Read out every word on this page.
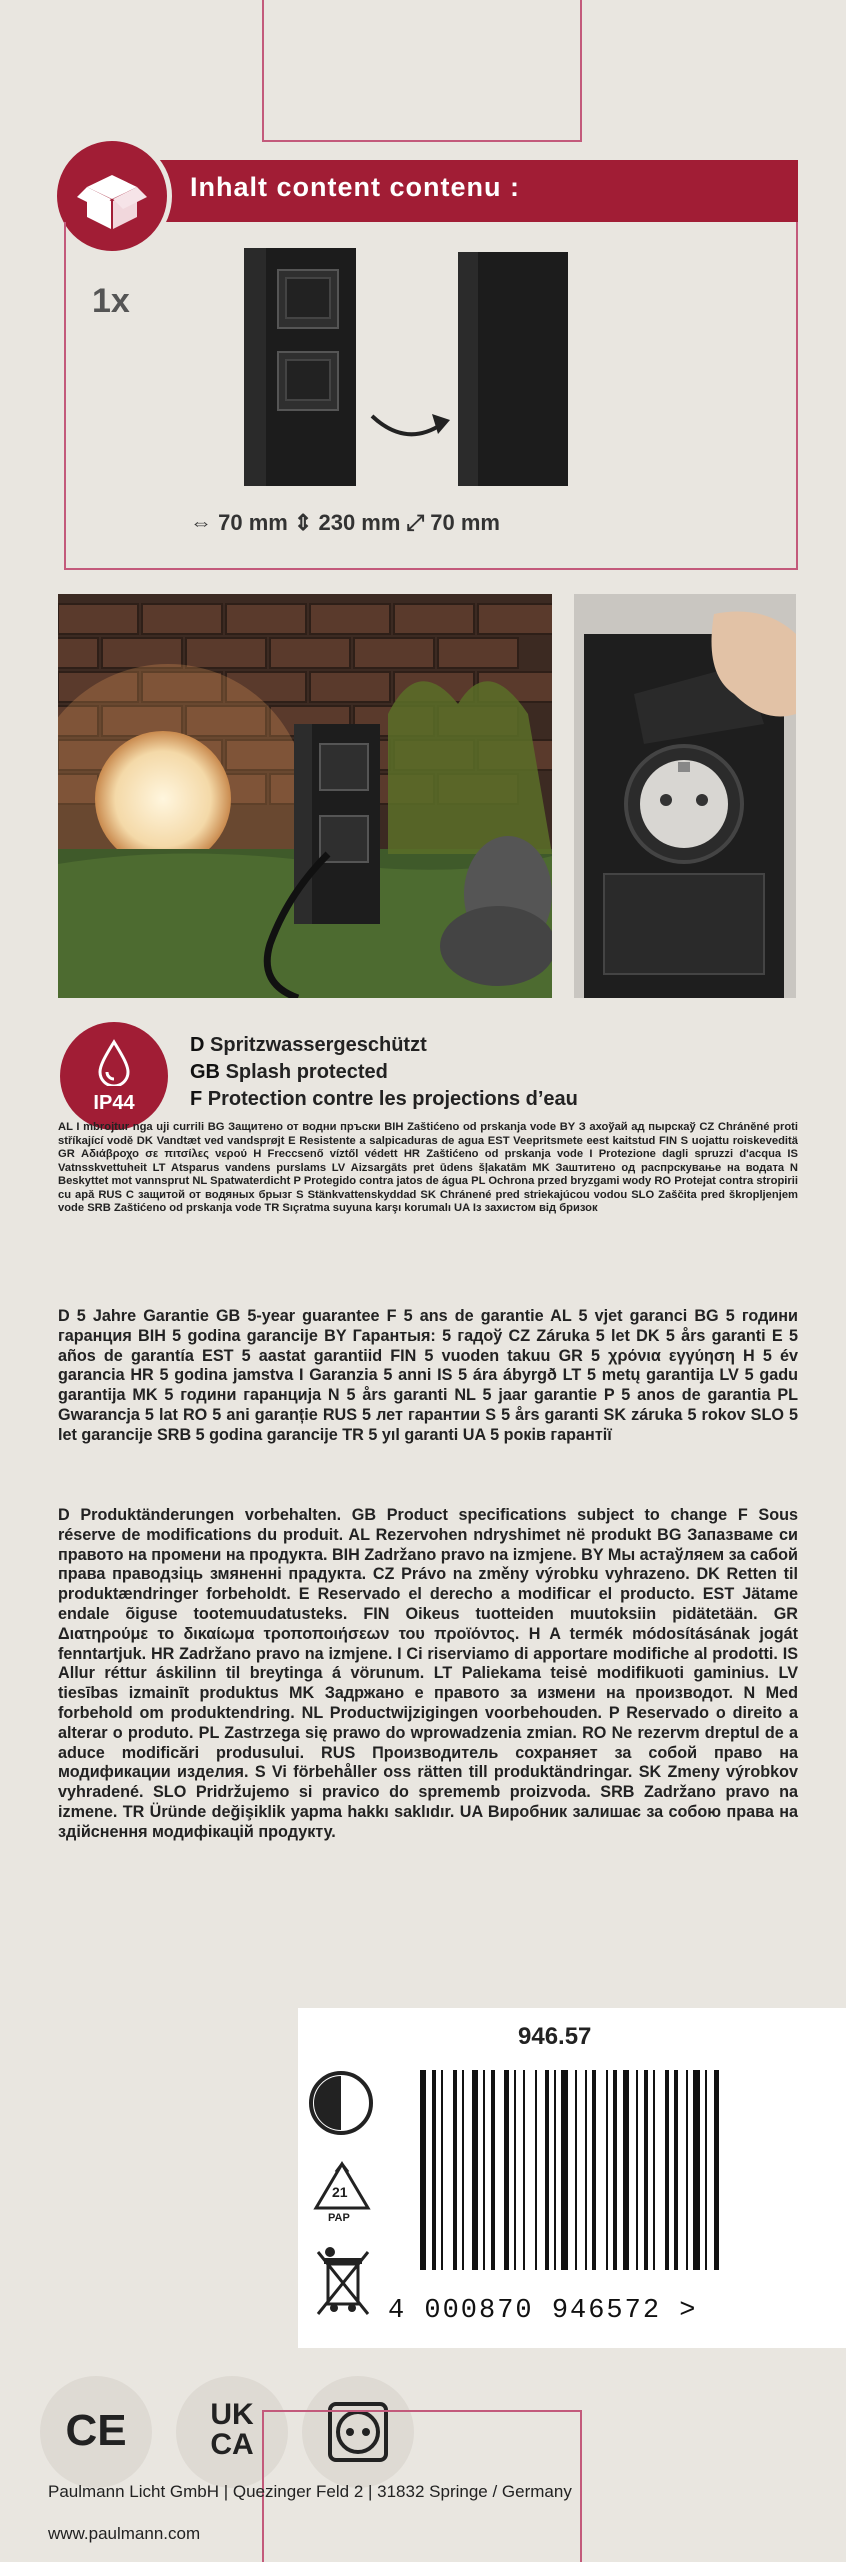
Inhalt content contenu :
1x
⇔ 70 mm ⇕ 230 mm ⤢ 70 mm
IP44
D Spritzwassergeschützt
GB Splash protected
F Protection contre les projections d’eau
AL I mbrojtur nga uji currili BG Защитено от водни пръски BIH Zaštićeno od prskanja vode BY З ахоўай ад пырскаў CZ Chráněné proti stříkající vodě DK Vandtæt ved vandsprøjt E Resistente a salpicaduras de agua EST Veepritsmete eest kaitstud FIN S uojattu roiskeveditä GR Αδιάβροχο σε πιτσίλες νερού H Freccsenő víztől védett HR Zaštićeno od prskanja vode I Protezione dagli spruzzi d'acqua IS Vatnsskvettuheit LT Atsparus vandens purslams LV Aizsargāts pret ūdens šļakatām MK Заштитено од распрскување на водата N Beskyttet mot vannsprut NL Spatwaterdicht P Protegido contra jatos de água PL Ochrona przed bryzgami wody RO Protejat contra stropirii cu apă RUS С защитой от водяных брызг S Stänkvattenskyddad SK Chránené pred striekajúcou vodou SLO Zaščita pred škropljenjem vode SRB Zaštićeno od prskanja vode TR Sıçratma suyuna karşı korumalı UA Із захистом від бризок
D 5 Jahre Garantie GB 5-year guarantee F 5 ans de garantie AL 5 vjet garanci BG 5 години гаранция BIH 5 godina garancije BY Гарантыя: 5 гадоў CZ Záruka 5 let DK 5 års garanti E 5 años de garantía EST 5 aastat garantiid FIN 5 vuoden takuu GR 5 χρόνια εγγύηση H 5 év garancia HR 5 godina jamstva I Garanzia 5 anni IS 5 ára ábyrgð LT 5 metų garantija LV 5 gadu garantija MK 5 години гаранција N 5 års garanti NL 5 jaar garantie P 5 anos de garantia PL Gwarancja 5 lat RO 5 ani garanție RUS 5 лет гарантии S 5 års garanti SK záruka 5 rokov SLO 5 let garancije SRB 5 godina garancije TR 5 yıl garanti UA 5 років гарантії
D Produktänderungen vorbehalten. GB Product specifications subject to change F Sous réserve de modifications du produit. AL Rezervohen ndryshimet në produkt BG Запазваме си правото на промени на продукта. BIH Zadržano pravo na izmjene. BY Мы астаўляем за сабой права праводзіць змяненні прадукта. CZ Právo na změny výrobku vyhrazeno. DK Retten til produktændringer forbeholdt. E Reservado el derecho a modificar el producto. EST Jätame endale õiguse tootemuudatusteks. FIN Oikeus tuotteiden muutoksiin pidätetään. GR Διατηρούμε το δικαίωμα τροποποιήσεων του προϊόντος. H A termék módosításának jogát fenntartjuk. HR Zadržano pravo na izmjene. I Ci riserviamo di apportare modifiche al prodotti. IS Allur réttur áskilinn til breytinga á vörunum. LT Paliekama teisė modifikuoti gaminius. LV tiesības izmainīt produktus MK Задржано е правото за измени на производот. N Med forbehold om produktendring. NL Productwijzigingen voorbehouden. P Reservado o direito a alterar o produto. PL Zastrzega się prawo do wprowadzenia zmian. RO Ne rezervm dreptul de a aduce modificări produsului. RUS Производитель сохраняет за собой право на модификации изделия. S Vi förbehåller oss rätten till produktändringar. SK Zmeny výrobkov vyhradené. SLO Pridržujemo si pravico do sprememb proizvoda. SRB Zadržano pravo na izmene. TR Üründe değişiklik yapma hakkı saklıdır. UA Виробник залишає за собою права на здійснення модифікацій продукту.
946.57
21
PAP
4 000870 946572 >
CE	UK CA
Paulmann Licht GmbH | Quezinger Feld 2 | 31832 Springe / Germany
www.paulmann.com
